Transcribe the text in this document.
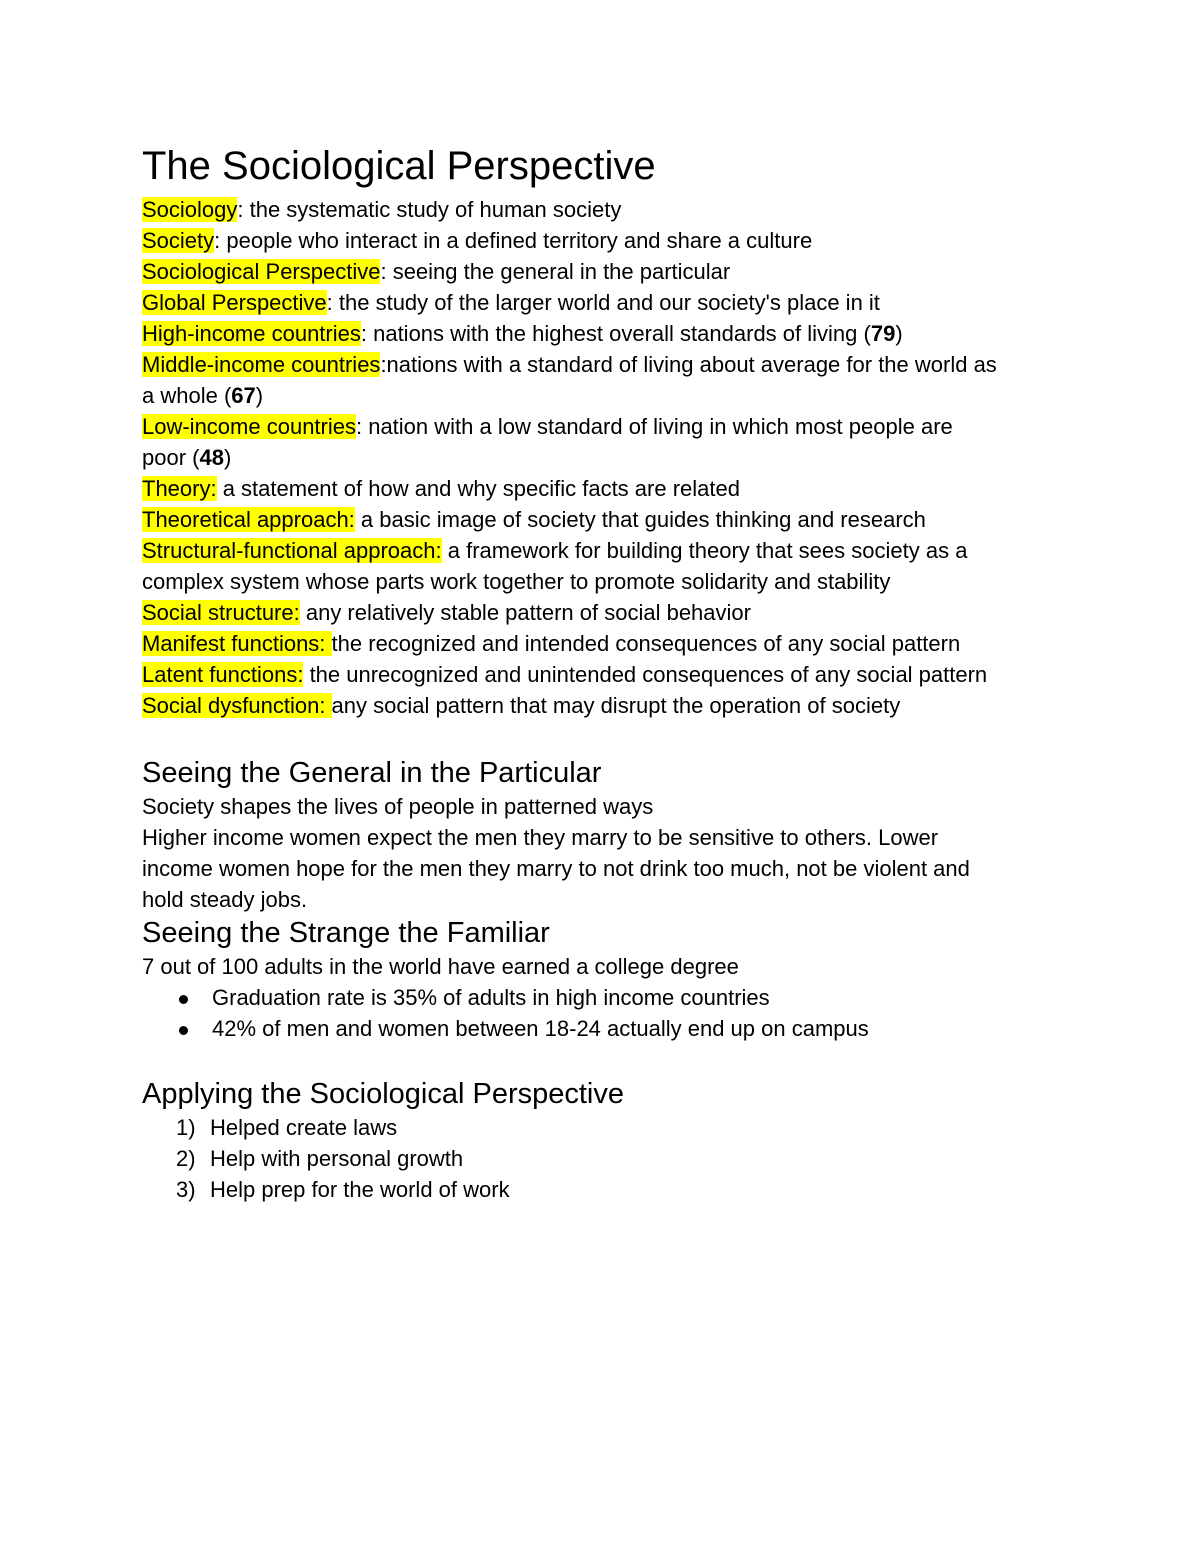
The Sociological Perspective

Sociology: the systematic study of human society

Society: people who interact in a defined territory and share a culture

Sociological Perspective: seeing the general in the particular

Global Perspective: the study of the larger world and our society's place in it

High-income countries: nations with the highest overall standards of living (79)

Middle-income countries:nations with a standard of living about average for the world as

a whole (67)

Low-income countries: nation with a low standard of living in which most people are

poor (48)

Theory: a statement of how and why specific facts are related

Theoretical approach: a basic image of society that guides thinking and research

Structural-functional approach: a framework for building theory that sees society as a

complex system whose parts work together to promote solidarity and stability

Social structure: any relatively stable pattern of social behavior

Manifest functions: the recognized and intended consequences of any social pattern

Latent functions: the unrecognized and unintended consequences of any social pattern

Social dysfunction: any social pattern that may disrupt the operation of society

Seeing the General in the Particular

Society shapes the lives of people in patterned ways

Higher income women expect the men they marry to be sensitive to others. Lower

income women hope for the men they marry to not drink too much, not be violent and

hold steady jobs.

Seeing the Strange the Familiar

7 out of 100 adults in the world have earned a college degree

Graduation rate is 35% of adults in high income countries
42% of men and women between 18-24 actually end up on campus
Applying the Sociological Perspective
1) Helped create laws
2) Help with personal growth
3) Help prep for the world of work
